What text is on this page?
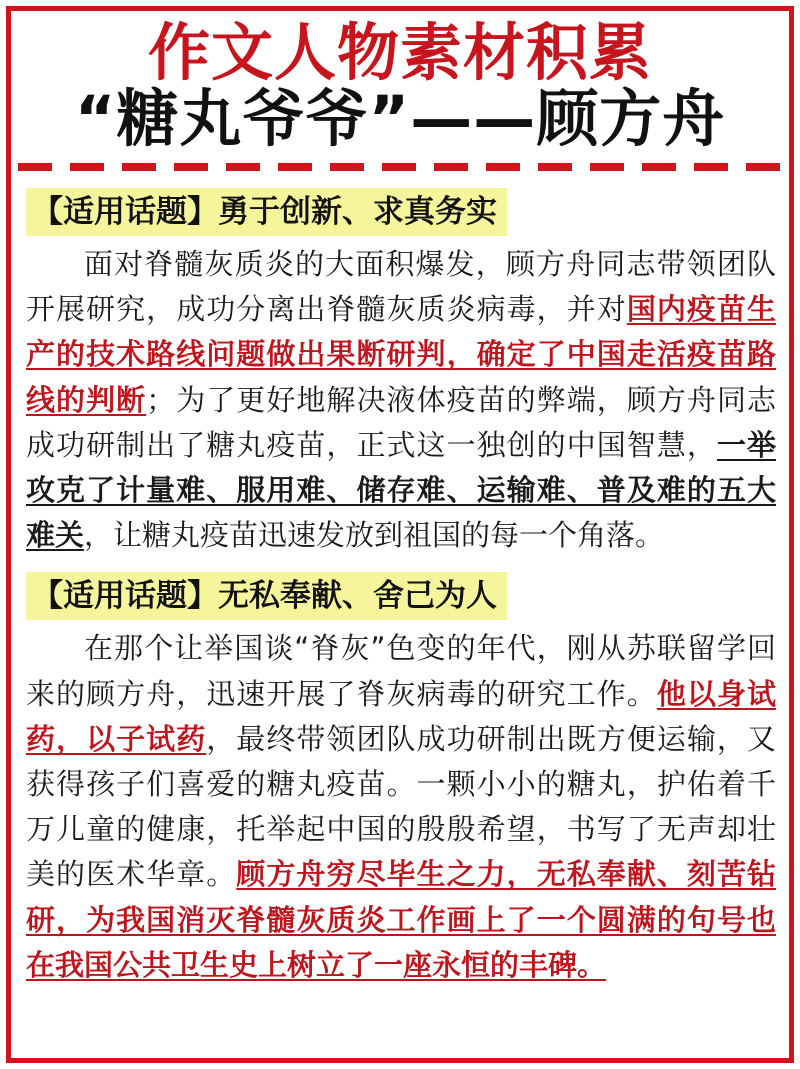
作文人物素材积累
“糖丸爷爷”——顾方舟
【适用话题】勇于创新、求真务实

面对脊髓灰质炎的大面积爆发，顾方舟同志带领团队开展研究，成功分离出脊髓灰质炎病毒，并对国内疫苗生产的技术路线问题做出果断研判，确定了中国走活疫苗路线的判断；为了更好地解决液体疫苗的弊端，顾方舟同志成功研制出了糖丸疫苗，正式这一独创的中国智慧，一举攻克了计量难、服用难、储存难、运输难、普及难的五大难关，让糖丸疫苗迅速发放到祖国的每一个角落。

【适用话题】无私奉献、舍己为人

在那个让举国谈“脊灰”色变的年代，刚从苏联留学回来的顾方舟，迅速开展了脊灰病毒的研究工作。他以身试药，以子试药，最终带领团队成功研制出既方便运输，又获得孩子们喜爱的糖丸疫苗。一颗小小的糖丸，护佑着千万儿童的健康，托举起中国的殷殷希望，书写了无声却壮美的医术华章。顾方舟穷尽毕生之力，无私奉献、刻苦钻研，为我国消灭脊髓灰质炎工作画上了一个圆满的句号也在我国公共卫生史上树立了一座永恒的丰碑。
